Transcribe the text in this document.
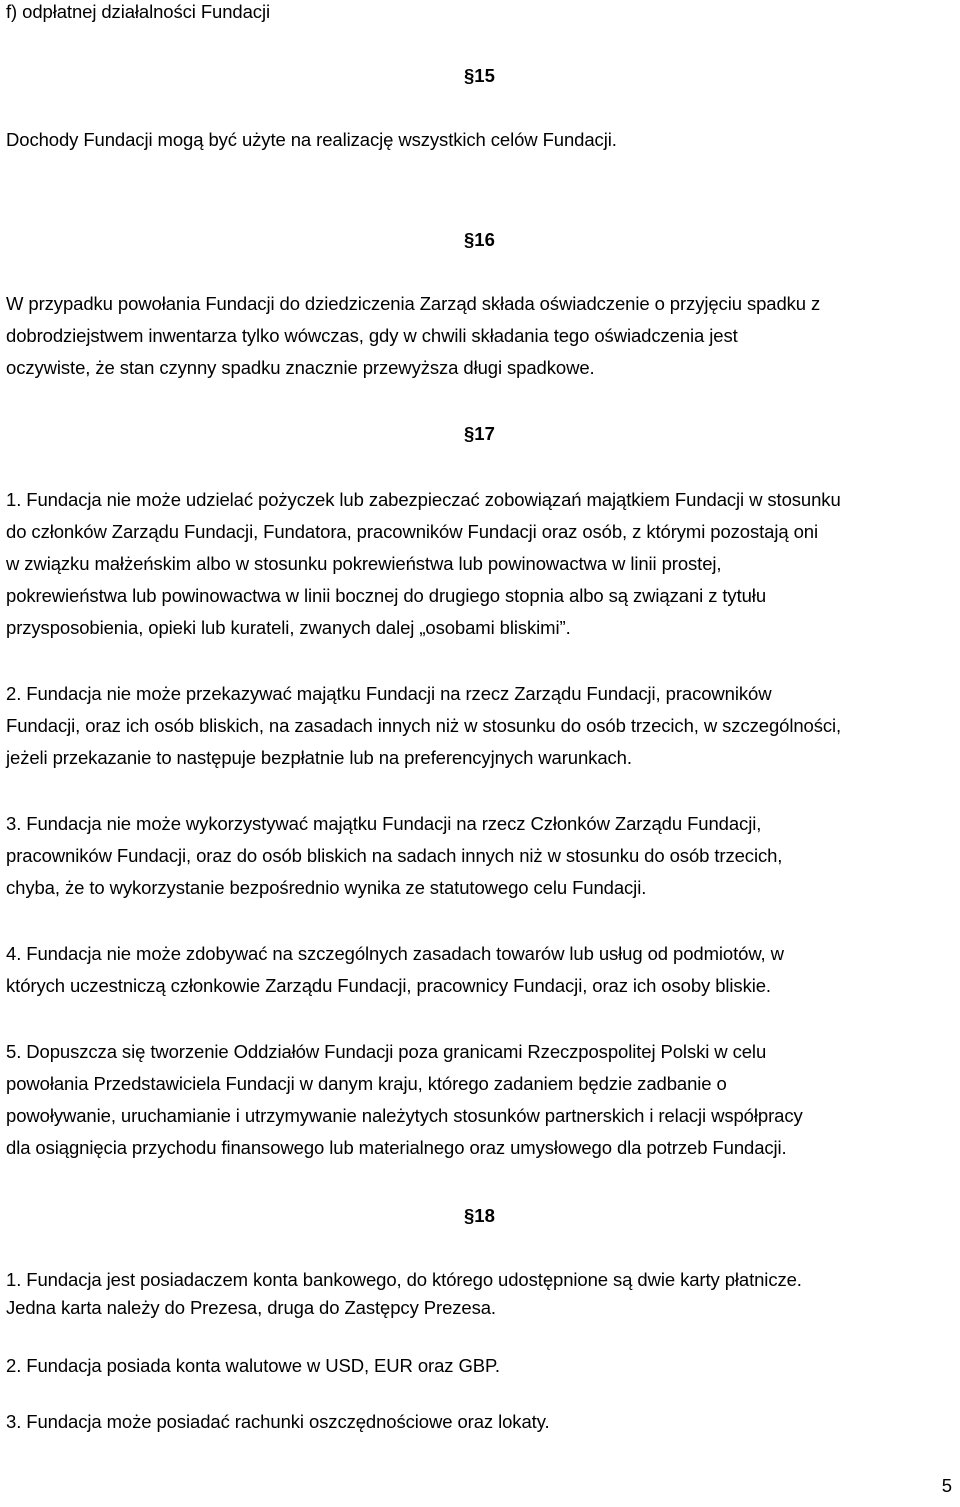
f) odpłatnej działalności Fundacji
§15
Dochody Fundacji mogą być użyte na realizację wszystkich celów Fundacji.
§16
W przypadku powołania Fundacji do dziedziczenia Zarząd składa oświadczenie o przyjęciu spadku z
dobrodziejstwem inwentarza tylko wówczas, gdy w chwili składania tego oświadczenia jest
oczywiste, że stan czynny spadku znacznie przewyższa długi spadkowe.
§17
1. Fundacja nie może udzielać pożyczek lub zabezpieczać zobowiązań majątkiem Fundacji w stosunku
do członków Zarządu Fundacji, Fundatora, pracowników Fundacji oraz osób, z którymi pozostają oni
w związku małżeńskim albo w stosunku pokrewieństwa lub powinowactwa w linii prostej,
pokrewieństwa lub powinowactwa w linii bocznej do drugiego stopnia albo są związani z tytułu
przysposobienia, opieki lub kurateli, zwanych dalej „osobami bliskimi”.
2. Fundacja nie może przekazywać majątku Fundacji na rzecz Zarządu Fundacji, pracowników
Fundacji, oraz ich osób bliskich, na zasadach innych niż w stosunku do osób trzecich, w szczególności,
jeżeli przekazanie to następuje bezpłatnie lub na preferencyjnych warunkach.
3. Fundacja nie może wykorzystywać majątku Fundacji na rzecz Członków Zarządu Fundacji,
pracowników Fundacji, oraz do osób bliskich na sadach innych niż w stosunku do osób trzecich,
chyba, że to wykorzystanie bezpośrednio wynika ze statutowego celu Fundacji.
4. Fundacja nie może zdobywać na szczególnych zasadach towarów lub usług od podmiotów, w
których uczestniczą członkowie Zarządu Fundacji, pracownicy Fundacji, oraz ich osoby bliskie.
5. Dopuszcza się tworzenie Oddziałów Fundacji poza granicami Rzeczpospolitej Polski w celu
powołania Przedstawiciela Fundacji w danym kraju, którego zadaniem będzie zadbanie o
powoływanie, uruchamianie i utrzymywanie należytych stosunków partnerskich i relacji współpracy
dla osiągnięcia przychodu finansowego lub materialnego oraz umysłowego dla potrzeb Fundacji.
§18
1. Fundacja jest posiadaczem konta bankowego, do którego udostępnione są dwie karty płatnicze.
Jedna karta należy do Prezesa, druga do Zastępcy Prezesa.
2. Fundacja posiada konta walutowe w USD, EUR oraz GBP.
3. Fundacja może posiadać rachunki oszczędnościowe oraz lokaty.
5
